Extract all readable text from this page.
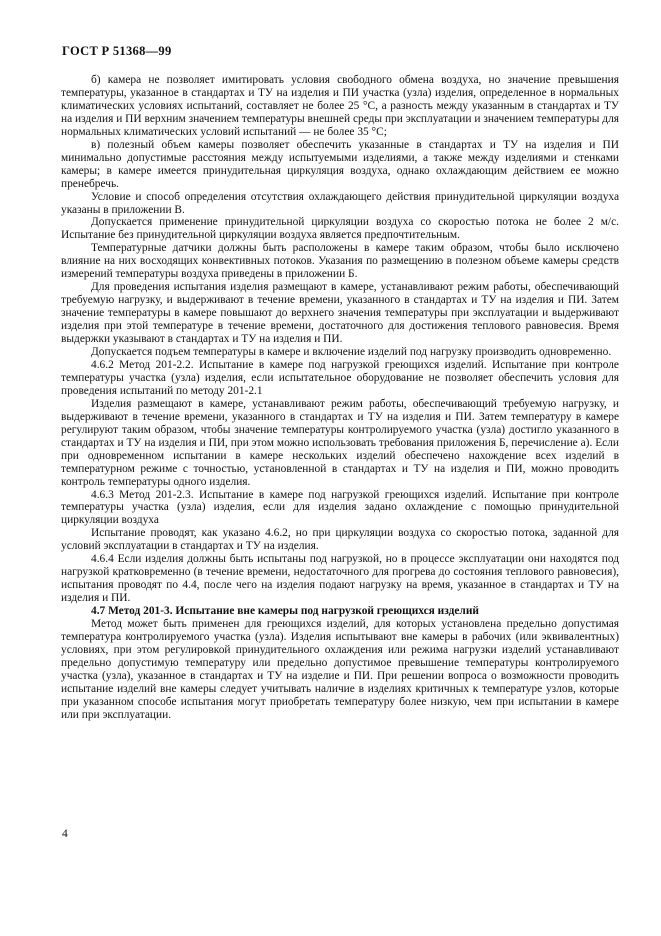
ГОСТ Р 51368—99

б) камера не позволяет имитировать условия свободного обмена воздуха, но значение превышения температуры, указанное в стандартах и ТУ на изделия и ПИ участка (узла) изделия, определенное в нормальных климатических условиях испытаний, составляет не более 25 °С, а разность между указанным в стандартах и ТУ на изделия и ПИ верхним значением температуры внешней среды при эксплуатации и значением температуры для нормальных климатических условий испытаний — не более 35 °С;

в) полезный объем камеры позволяет обеспечить указанные в стандартах и ТУ на изделия и ПИ минимально допустимые расстояния между испытуемыми изделиями, а также между изделиями и стенками камеры; в камере имеется принудительная циркуляция воздуха, однако охлаждающим действием ее можно пренебречь.

Условие и способ определения отсутствия охлаждающего действия принудительной циркуляции воздуха указаны в приложении В.

Допускается применение принудительной циркуляции воздуха со скоростью потока не более 2 м/с. Испытание без принудительной циркуляции воздуха является предпочтительным.

Температурные датчики должны быть расположены в камере таким образом, чтобы было исключено влияние на них восходящих конвективных потоков. Указания по размещению в полезном объеме камеры средств измерений температуры воздуха приведены в приложении Б.

Для проведения испытания изделия размещают в камере, устанавливают режим работы, обеспечивающий требуемую нагрузку, и выдерживают в течение времени, указанного в стандартах и ТУ на изделия и ПИ. Затем значение температуры в камере повышают до верхнего значения температуры при эксплуатации и выдерживают изделия при этой температуре в течение времени, достаточного для достижения теплового равновесия. Время выдержки указывают в стандартах и ТУ на изделия и ПИ.

Допускается подъем температуры в камере и включение изделий под нагрузку производить одновременно.

4.6.2 Метод 201-2.2. Испытание в камере под нагрузкой греющихся изделий. Испытание при контроле температуры участка (узла) изделия, если испытательное оборудование не позволяет обеспечить условия для проведения испытаний по методу 201-2.1

Изделия размещают в камере, устанавливают режим работы, обеспечивающий требуемую нагрузку, и выдерживают в течение времени, указанного в стандартах и ТУ на изделия и ПИ. Затем температуру в камере регулируют таким образом, чтобы значение температуры контролируемого участка (узла) достигло указанного в стандартах и ТУ на изделия и ПИ, при этом можно использовать требования приложения Б, перечисление а). Если при одновременном испытании в камере нескольких изделий обеспечено нахождение всех изделий в температурном режиме с точностью, установленной в стандартах и ТУ на изделия и ПИ, можно проводить контроль температуры одного изделия.

4.6.3 Метод 201-2.3. Испытание в камере под нагрузкой греющихся изделий. Испытание при контроле температуры участка (узла) изделия, если для изделия задано охлаждение с помощью принудительной циркуляции воздуха

Испытание проводят, как указано 4.6.2, но при циркуляции воздуха со скоростью потока, заданной для условий эксплуатации в стандартах и ТУ на изделия.

4.6.4 Если изделия должны быть испытаны под нагрузкой, но в процессе эксплуатации они находятся под нагрузкой кратковременно (в течение времени, недостаточного для прогрева до состояния теплового равновесия), испытания проводят по 4.4, после чего на изделия подают нагрузку на время, указанное в стандартах и ТУ на изделия и ПИ.

4.7 Метод 201-3. Испытание вне камеры под нагрузкой греющихся изделий

Метод может быть применен для греющихся изделий, для которых установлена предельно допустимая температура контролируемого участка (узла). Изделия испытывают вне камеры в рабочих (или эквивалентных) условиях, при этом регулировкой принудительного охлаждения или режима нагрузки изделий устанавливают предельно допустимую температуру или предельно допустимое превышение температуры контролируемого участка (узла), указанное в стандартах и ТУ на изделие и ПИ. При решении вопроса о возможности проводить испытание изделий вне камеры следует учитывать наличие в изделиях критичных к температуре узлов, которые при указанном способе испытания могут приобретать температуру более низкую, чем при испытании в камере или при эксплуатации.

4
